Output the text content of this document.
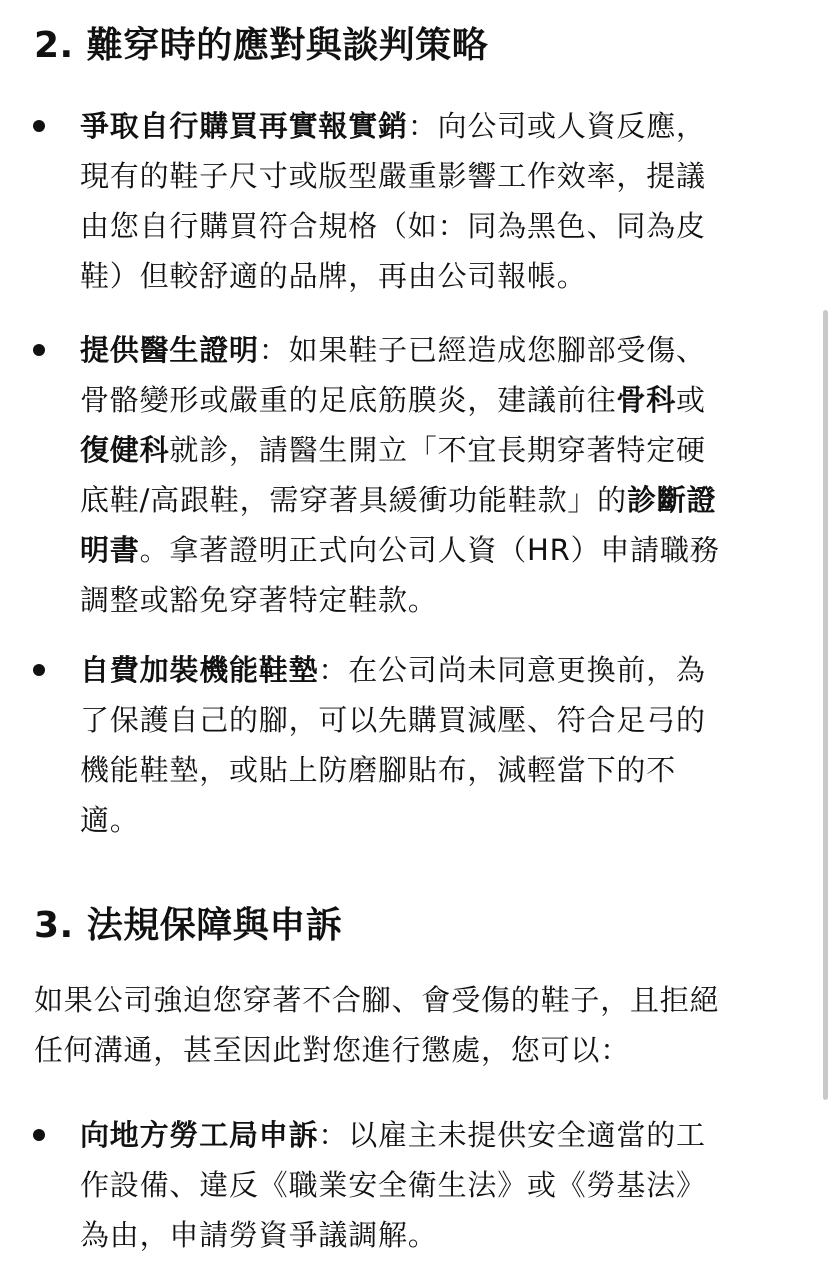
2. 難穿時的應對與談判策略
爭取自行購買再實報實銷：向公司或人資反應，
現有的鞋子尺寸或版型嚴重影響工作效率，提議
由您自行購買符合規格（如：同為黑色、同為皮
鞋）但較舒適的品牌，再由公司報帳。
提供醫生證明：如果鞋子已經造成您腳部受傷、
骨骼變形或嚴重的足底筋膜炎，建議前往骨科或
復健科就診，請醫生開立「不宜長期穿著特定硬
底鞋/高跟鞋，需穿著具緩衝功能鞋款」的診斷證
明書。拿著證明正式向公司人資（HR）申請職務
調整或豁免穿著特定鞋款。
自費加裝機能鞋墊：在公司尚未同意更換前，為
了保護自己的腳，可以先購買減壓、符合足弓的
機能鞋墊，或貼上防磨腳貼布，減輕當下的不
適。
3. 法規保障與申訴
如果公司強迫您穿著不合腳、會受傷的鞋子，且拒絕
任何溝通，甚至因此對您進行懲處，您可以：
向地方勞工局申訴：以雇主未提供安全適當的工
作設備、違反《職業安全衛生法》或《勞基法》
為由，申請勞資爭議調解。
